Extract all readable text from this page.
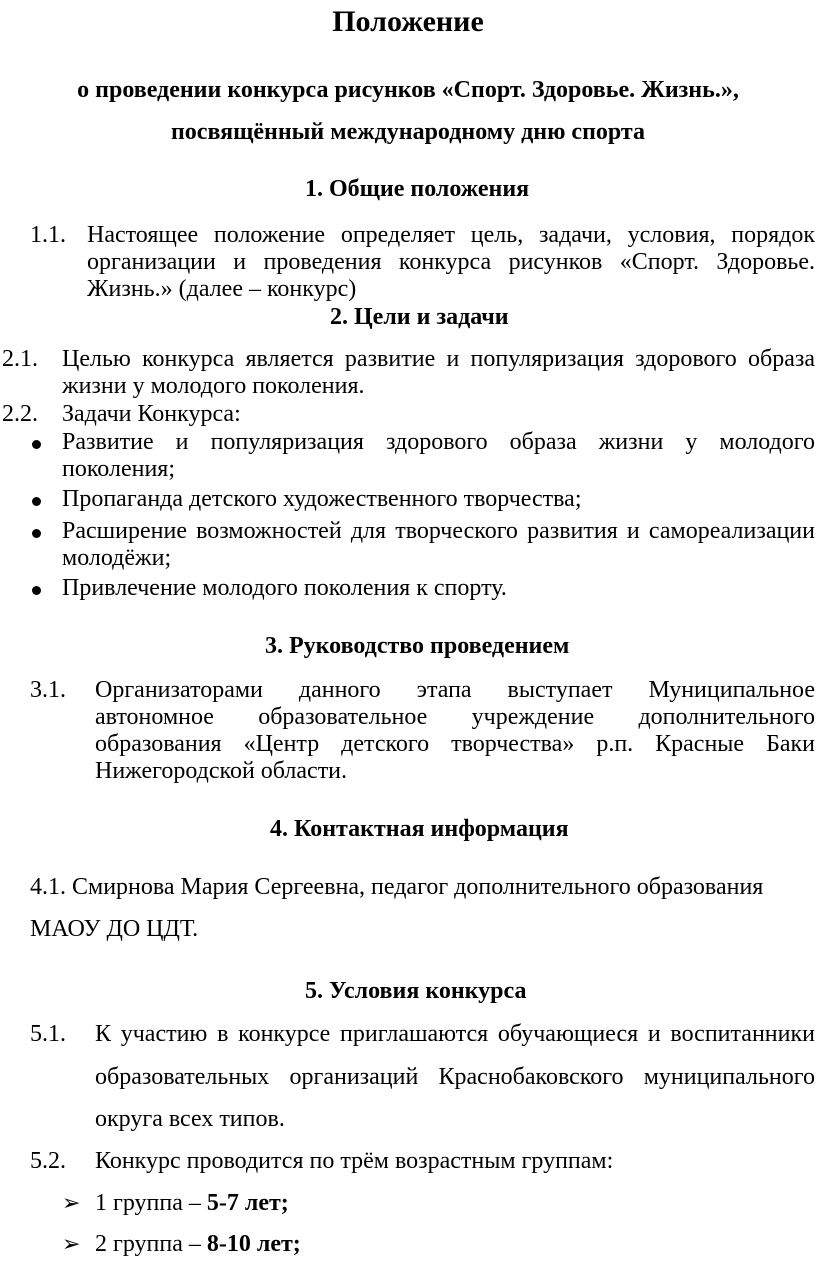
Положение
о проведении конкурса рисунков «Спорт. Здоровье. Жизнь.»,
посвящённый международному дню спорта
1. Общие положения
1.1. Настоящее положение определяет цель, задачи, условия, порядок
организации и проведения конкурса рисунков «Спорт. Здоровье.
Жизнь.» (далее – конкурс)
2. Цели и задачи
2.1. Целью конкурса является развитие и популяризация здорового образа
жизни у молодого поколения.
2.2. Задачи Конкурса:
Развитие и популяризация здорового образа жизни у молодого
поколения;
Пропаганда детского художественного творчества;
Расширение возможностей для творческого развития и самореализации
молодёжи;
Привлечение молодого поколения к спорту.
3. Руководство проведением
3.1. Организаторами данного этапа выступает Муниципальное
автономное образовательное учреждение дополнительного
образования «Центр детского творчества» р.п. Красные Баки
Нижегородской области.
4. Контактная информация
4.1. Смирнова Мария Сергеевна, педагог дополнительного образования
МАОУ ДО ЦДТ.
5. Условия конкурса
5.1. К участию в конкурсе приглашаются обучающиеся и воспитанники
образовательных организаций Краснобаковского муниципального
округа всех типов.
5.2. Конкурс проводится по трём возрастным группам:
➢ 1 группа – 5-7 лет;
➢ 2 группа – 8-10 лет;
